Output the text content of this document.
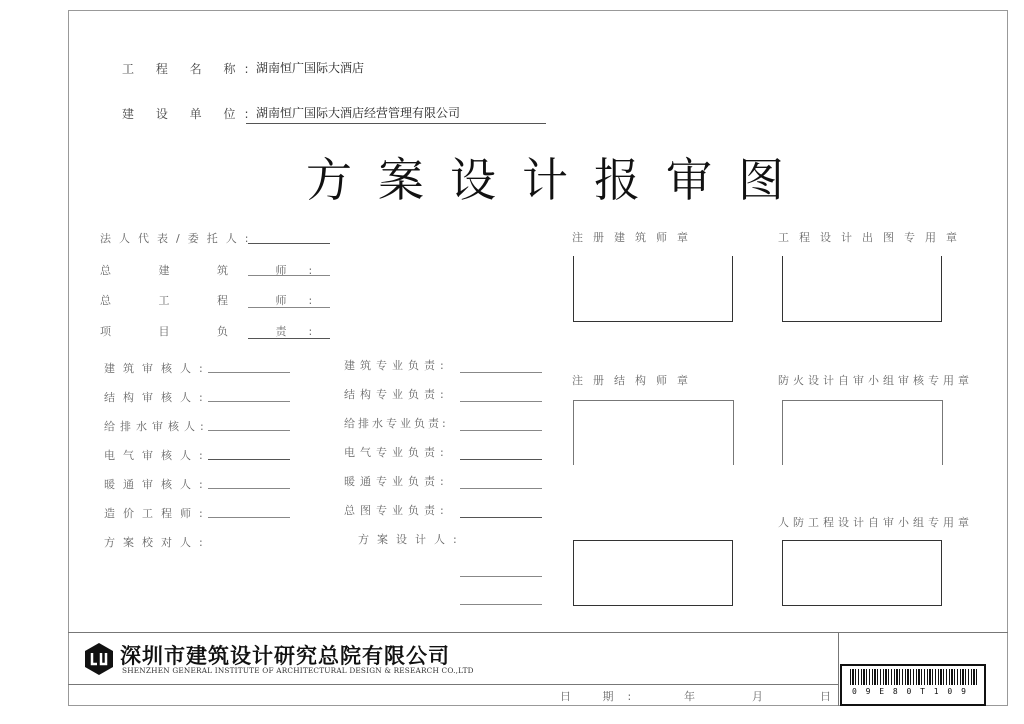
工 程 名 称:
湖南恒广国际大酒店
建 设 单 位:
湖南恒广国际大酒店经营管理有限公司
方案设计报审图
法人代表/委托人:
总 建 筑 师:
总 工 程 师:
项 目 负 责:
建筑审核人:
结构审核人:
给排水审核人:
电气审核人:
暖通审核人:
造价工程师:
方案校对人:
建筑专业负责:
结构专业负责:
给排水专业负责:
电气专业负责:
暖通专业负责:
总图专业负责:
方案设计人:
注册建筑师章	工程设计出图专用章
注册结构师章	防火设计自审小组审核专用章
人防工程设计自审小组专用章
深圳市建筑设计研究总院有限公司
SHENZHEN GENERAL INSTITUTE OF ARCHITECTURAL DESIGN & RESEARCH CO.,LTD
日 期:	年	月	日 0 9 E 8 0 T 1 0 9
